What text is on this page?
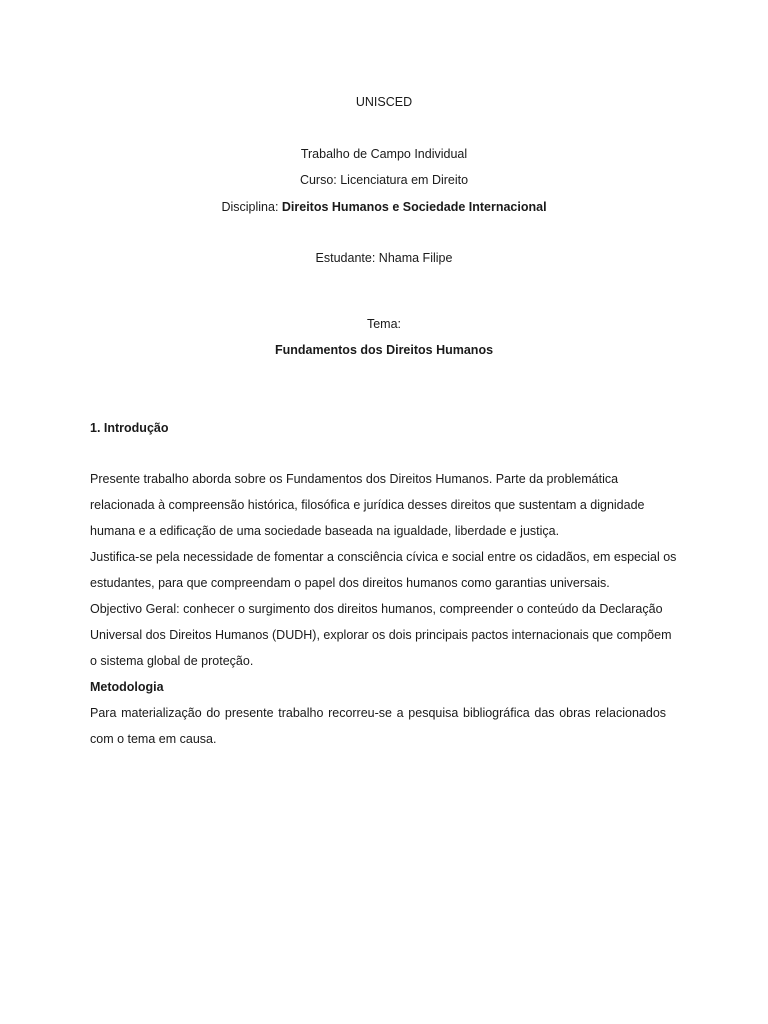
UNISCED
Trabalho de Campo Individual
Curso: Licenciatura em Direito
Disciplina: Direitos Humanos e Sociedade Internacional
Estudante: Nhama Filipe
Tema:
Fundamentos dos Direitos Humanos
1. Introdução
Presente trabalho aborda sobre os Fundamentos dos Direitos Humanos. Parte da problemática
relacionada à compreensão histórica, filosófica e jurídica desses direitos que sustentam a dignidade
humana e a edificação de uma sociedade baseada na igualdade, liberdade e justiça.
Justifica-se pela necessidade de fomentar a consciência cívica e social entre os cidadãos, em especial os
estudantes, para que compreendam o papel dos direitos humanos como garantias universais.
Objectivo Geral: conhecer o surgimento dos direitos humanos, compreender o conteúdo da Declaração
Universal dos Direitos Humanos (DUDH), explorar os dois principais pactos internacionais que compõem
o sistema global de proteção.
Metodologia
Para materialização do presente trabalho recorreu-se a pesquisa bibliográfica das obras relacionados
com o tema em causa.
